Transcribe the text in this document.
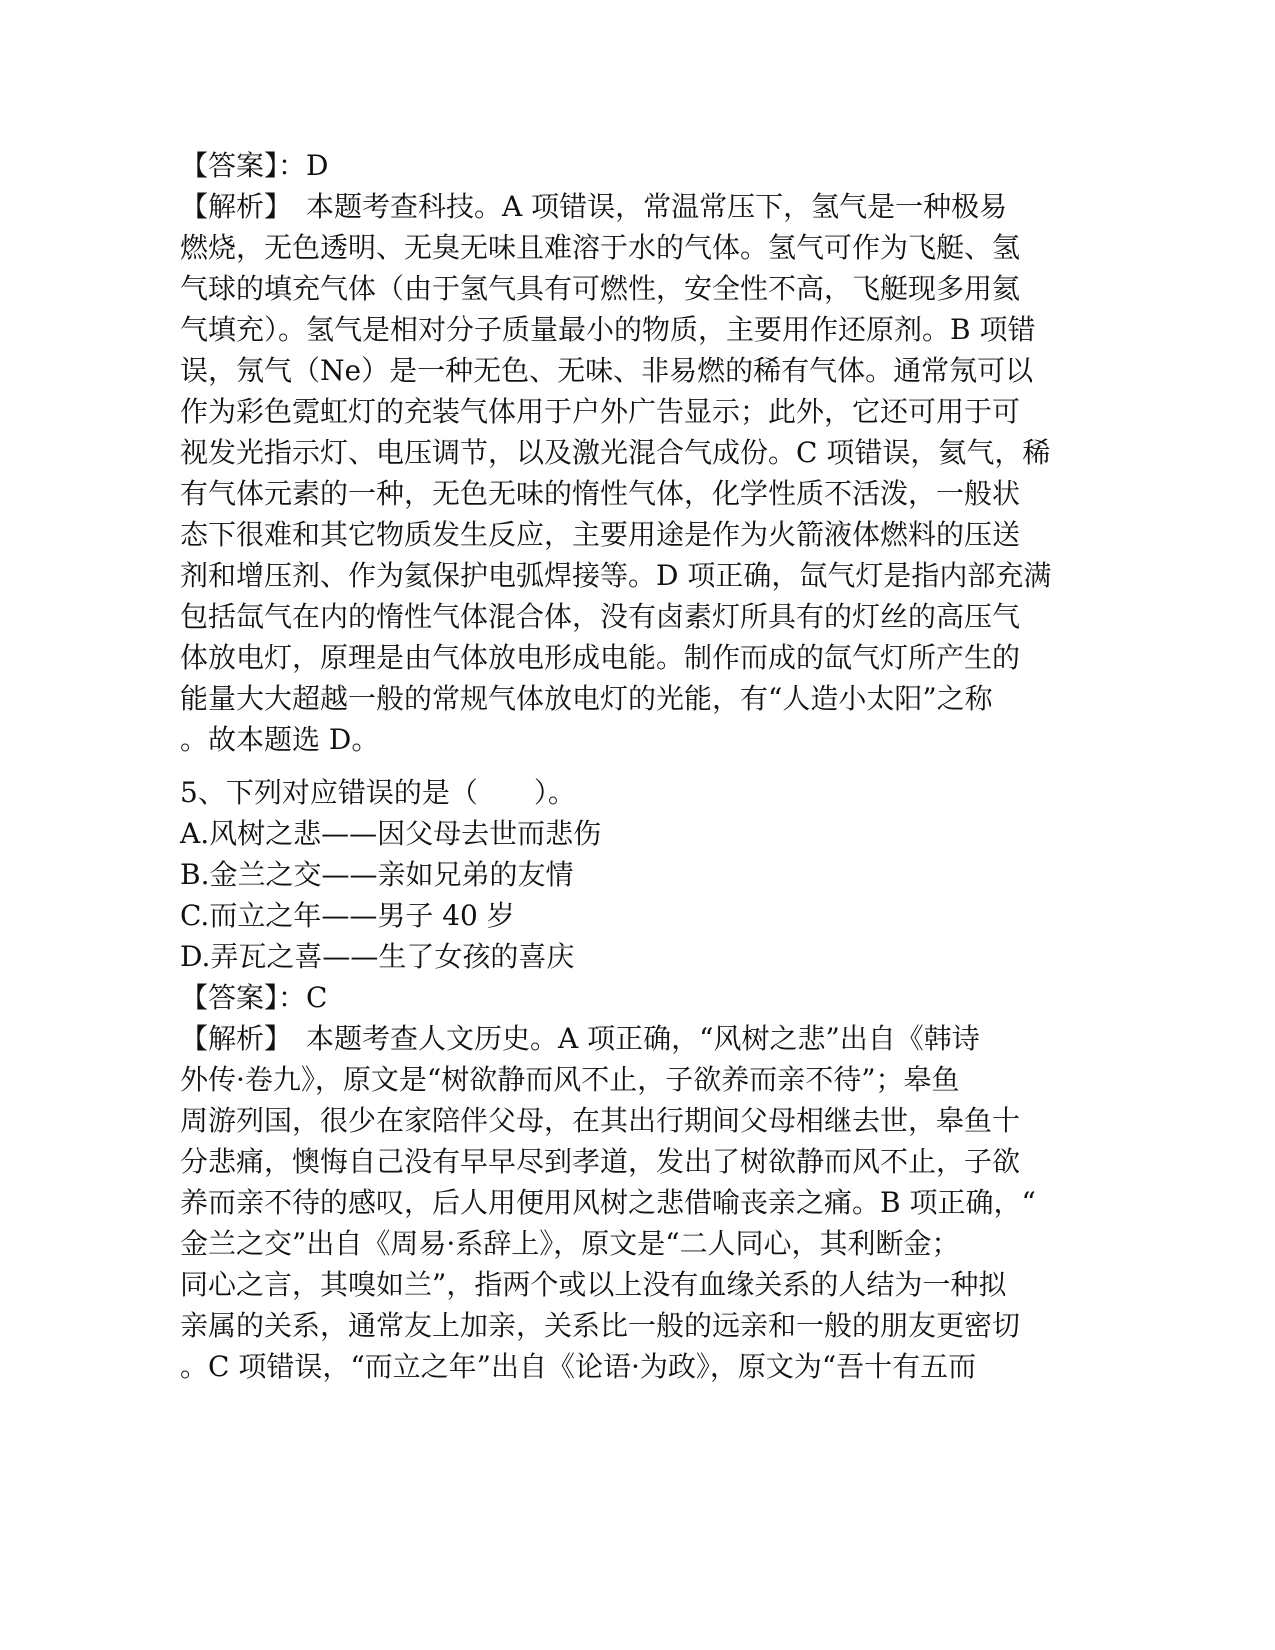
【答案】：D
【解析】　本题考查科技。A 项错误，常温常压下，氢气是一种极易
燃烧，无色透明、无臭无味且难溶于水的气体。氢气可作为飞艇、氢
气球的填充气体（由于氢气具有可燃性，安全性不高，飞艇现多用氦
气填充）。氢气是相对分子质量最小的物质，主要用作还原剂。B 项错
误，氖气（Ne）是一种无色、无味、非易燃的稀有气体。通常氖可以
作为彩色霓虹灯的充装气体用于户外广告显示；此外，它还可用于可
视发光指示灯、电压调节，以及激光混合气成份。C 项错误，氦气，稀
有气体元素的一种，无色无味的惰性气体，化学性质不活泼，一般状
态下很难和其它物质发生反应，主要用途是作为火箭液体燃料的压送
剂和增压剂、作为氦保护电弧焊接等。D 项正确，氙气灯是指内部充满
包括氙气在内的惰性气体混合体，没有卤素灯所具有的灯丝的高压气
体放电灯，原理是由气体放电形成电能。制作而成的氙气灯所产生的
能量大大超越一般的常规气体放电灯的光能，有“人造小太阳”之称
。故本题选 D。
5、下列对应错误的是（　　）。
A.风树之悲——因父母去世而悲伤
B.金兰之交——亲如兄弟的友情
C.而立之年——男子 40 岁
D.弄瓦之喜——生了女孩的喜庆
【答案】：C
【解析】　本题考查人文历史。A 项正确，“风树之悲”出自《韩诗
外传·卷九》，原文是“树欲静而风不止，子欲养而亲不待”；皋鱼
周游列国，很少在家陪伴父母，在其出行期间父母相继去世，皋鱼十
分悲痛，懊悔自己没有早早尽到孝道，发出了树欲静而风不止，子欲
养而亲不待的感叹，后人用便用风树之悲借喻丧亲之痛。B 项正确，“
金兰之交”出自《周易·系辞上》，原文是“二人同心，其利断金；
同心之言，其嗅如兰”，指两个或以上没有血缘关系的人结为一种拟
亲属的关系，通常友上加亲，关系比一般的远亲和一般的朋友更密切
。C 项错误，“而立之年”出自《论语·为政》，原文为“吾十有五而
